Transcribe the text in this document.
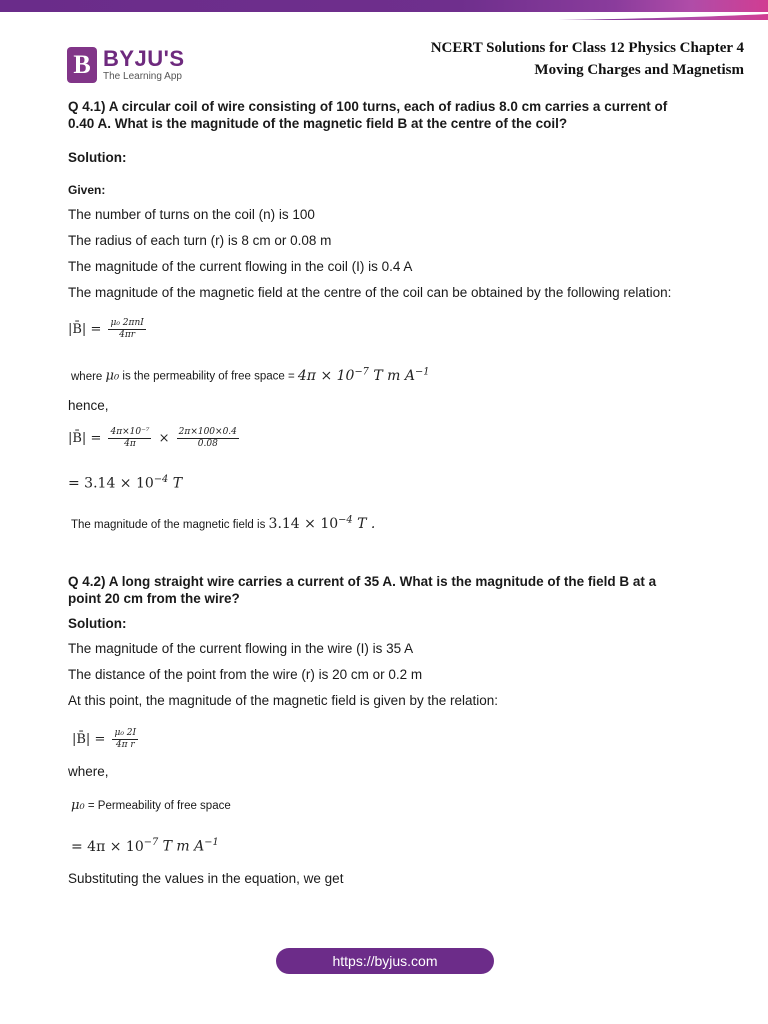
B BYJU'S
The Learning App
NCERT Solutions for Class 12 Physics Chapter 4
Moving Charges and Magnetism

Q 4.1) A circular coil of wire consisting of 100 turns, each of radius 8.0 cm carries a current of

0.40 A. What is the magnitude of the magnetic field B at the centre of the coil?

Solution:

Given:

The number of turns on the coil (n) is 100

The radius of each turn (r) is 8 cm or 0.08 m

The magnitude of the current flowing in the coil (I) is 0.4 A

The magnitude of the magnetic field at the centre of the coil can be obtained by the following relation:

|B̄| = $\frac{\text{μ₀ 2πnI}}{4\pi r}$
where μ₀ is the permeability of free space = $4\pi \times 10^{-7}$ T m $A^{-1}$

hence,

|B̄| = $\frac{\text{4π×10⁻⁷}}{4\pi} \times \frac{2\pi\times 100\times 0.4}{0.08}$
= $3.14 \times 10^{-4}$ T
The magnitude of the magnetic field is $3.14 \times 10^{-4}$ T .

Q 4.2) A long straight wire carries a current of 35 A. What is the magnitude of the field B at a

point 20 cm from the wire?

Solution:

The magnitude of the current flowing in the wire (I) is 35 A

The distance of the point from the wire (r) is 20 cm or 0.2 m

At this point, the magnitude of the magnetic field is given by the relation:

|B̄| = $\frac{\text{μ₀ 2I}}{\text{4π r}}$

where,

μ₀ = Permeability of free space
= $4\pi \times 10^{-7}$ T m $A^{-1}$

Substituting the values in the equation, we get

https://byjus.com
